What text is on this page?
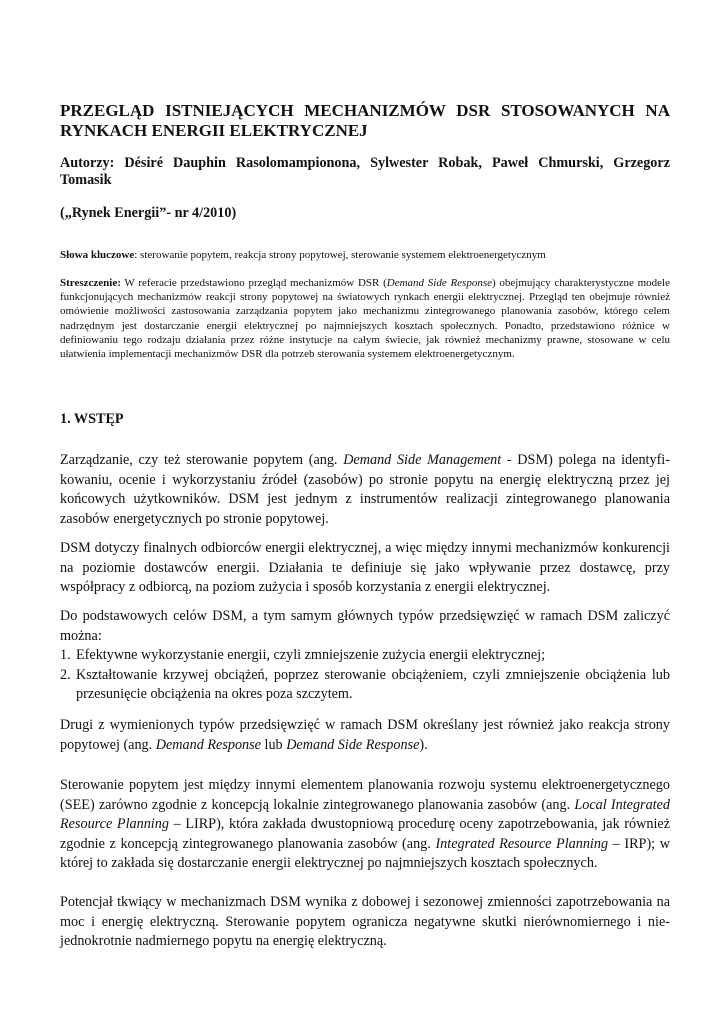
PRZEGLĄD ISTNIEJĄCYCH MECHANIZMÓW DSR STOSOWANYCH NA RYNKACH ENERGII ELEKTRYCZNEJ

Autorzy: Désiré Dauphin Rasolomampionona, Sylwester Robak, Paweł Chmurski, Grzegorz Tomasik

(„Rynek Energii”- nr 4/2010)

Słowa kluczowe: sterowanie popytem, reakcja strony popytowej, sterowanie systemem elektroenergetycznym

Streszczenie: W referacie przedstawiono przegląd mechanizmów DSR (Demand Side Response) obejmujący charakterystyczne modele funkcjonujących mechanizmów reakcji strony popytowej na światowych rynkach energii elektrycznej. Przegląd ten obejmuje również omówienie możliwości zastosowania zarządzania popytem jako mechanizmu zintegrowanego planowania zasobów, którego celem nadrzędnym jest dostarczanie energii elektrycznej po najmniejszych kosztach społecznych. Ponadto, przedstawiono różnice w definiowaniu tego rodzaju działania przez różne instytucje na całym świecie, jak również mechanizmy prawne, stosowane w celu ułatwienia implementacji mechanizmów DSR dla potrzeb sterowania systemem elektroenergetycznym.

1. WSTĘP

Zarządzanie, czy też sterowanie popytem (ang. Demand Side Management - DSM) polega na identyfikowaniu, ocenie i wykorzystaniu źródeł (zasobów) po stronie popytu na energię elektryczną przez jej końcowych użytkowników. DSM jest jednym z instrumentów realizacji zintegrowanego planowania zasobów energetycznych po stronie popytowej.

DSM dotyczy finalnych odbiorców energii elektrycznej, a więc między innymi mechanizmów konkurencji na poziomie dostawców energii. Działania te definiuje się jako wpływanie przez dostawcę, przy współpracy z odbiorcą, na poziom zużycia i sposób korzystania z energii elektrycznej.

Do podstawowych celów DSM, a tym samym głównych typów przedsięwzięć w ramach DSM zaliczyć można:

1. Efektywne wykorzystanie energii, czyli zmniejszenie zużycia energii elektrycznej;
2. Kształtowanie krzywej obciążeń, poprzez sterowanie obciążeniem, czyli zmniejszenie obciążenia lub przesunięcie obciążenia na okres poza szczytem.

Drugi z wymienionych typów przedsięwzięć w ramach DSM określany jest również jako reakcja strony popytowej (ang. Demand Response lub Demand Side Response).

Sterowanie popytem jest między innymi elementem planowania rozwoju systemu elektroenergetycznego (SEE) zarówno zgodnie z koncepcją lokalnie zintegrowanego planowania zasobów (ang. Local Integrated Resource Planning – LIRP), która zakłada dwustopniową procedurę oceny zapotrzebowania, jak również zgodnie z koncepcją zintegrowanego planowania zasobów (ang. Integrated Resource Planning – IRP); w której to zakłada się dostarczanie energii elektrycznej po najmniejszych kosztach społecznych.

Potencjał tkwiący w mechanizmach DSM wynika z dobowej i sezonowej zmienności zapotrzebowania na moc i energię elektryczną. Sterowanie popytem ogranicza negatywne skutki nierównomiernego i niejednokrotnie nadmiernego popytu na energię elektryczną.
